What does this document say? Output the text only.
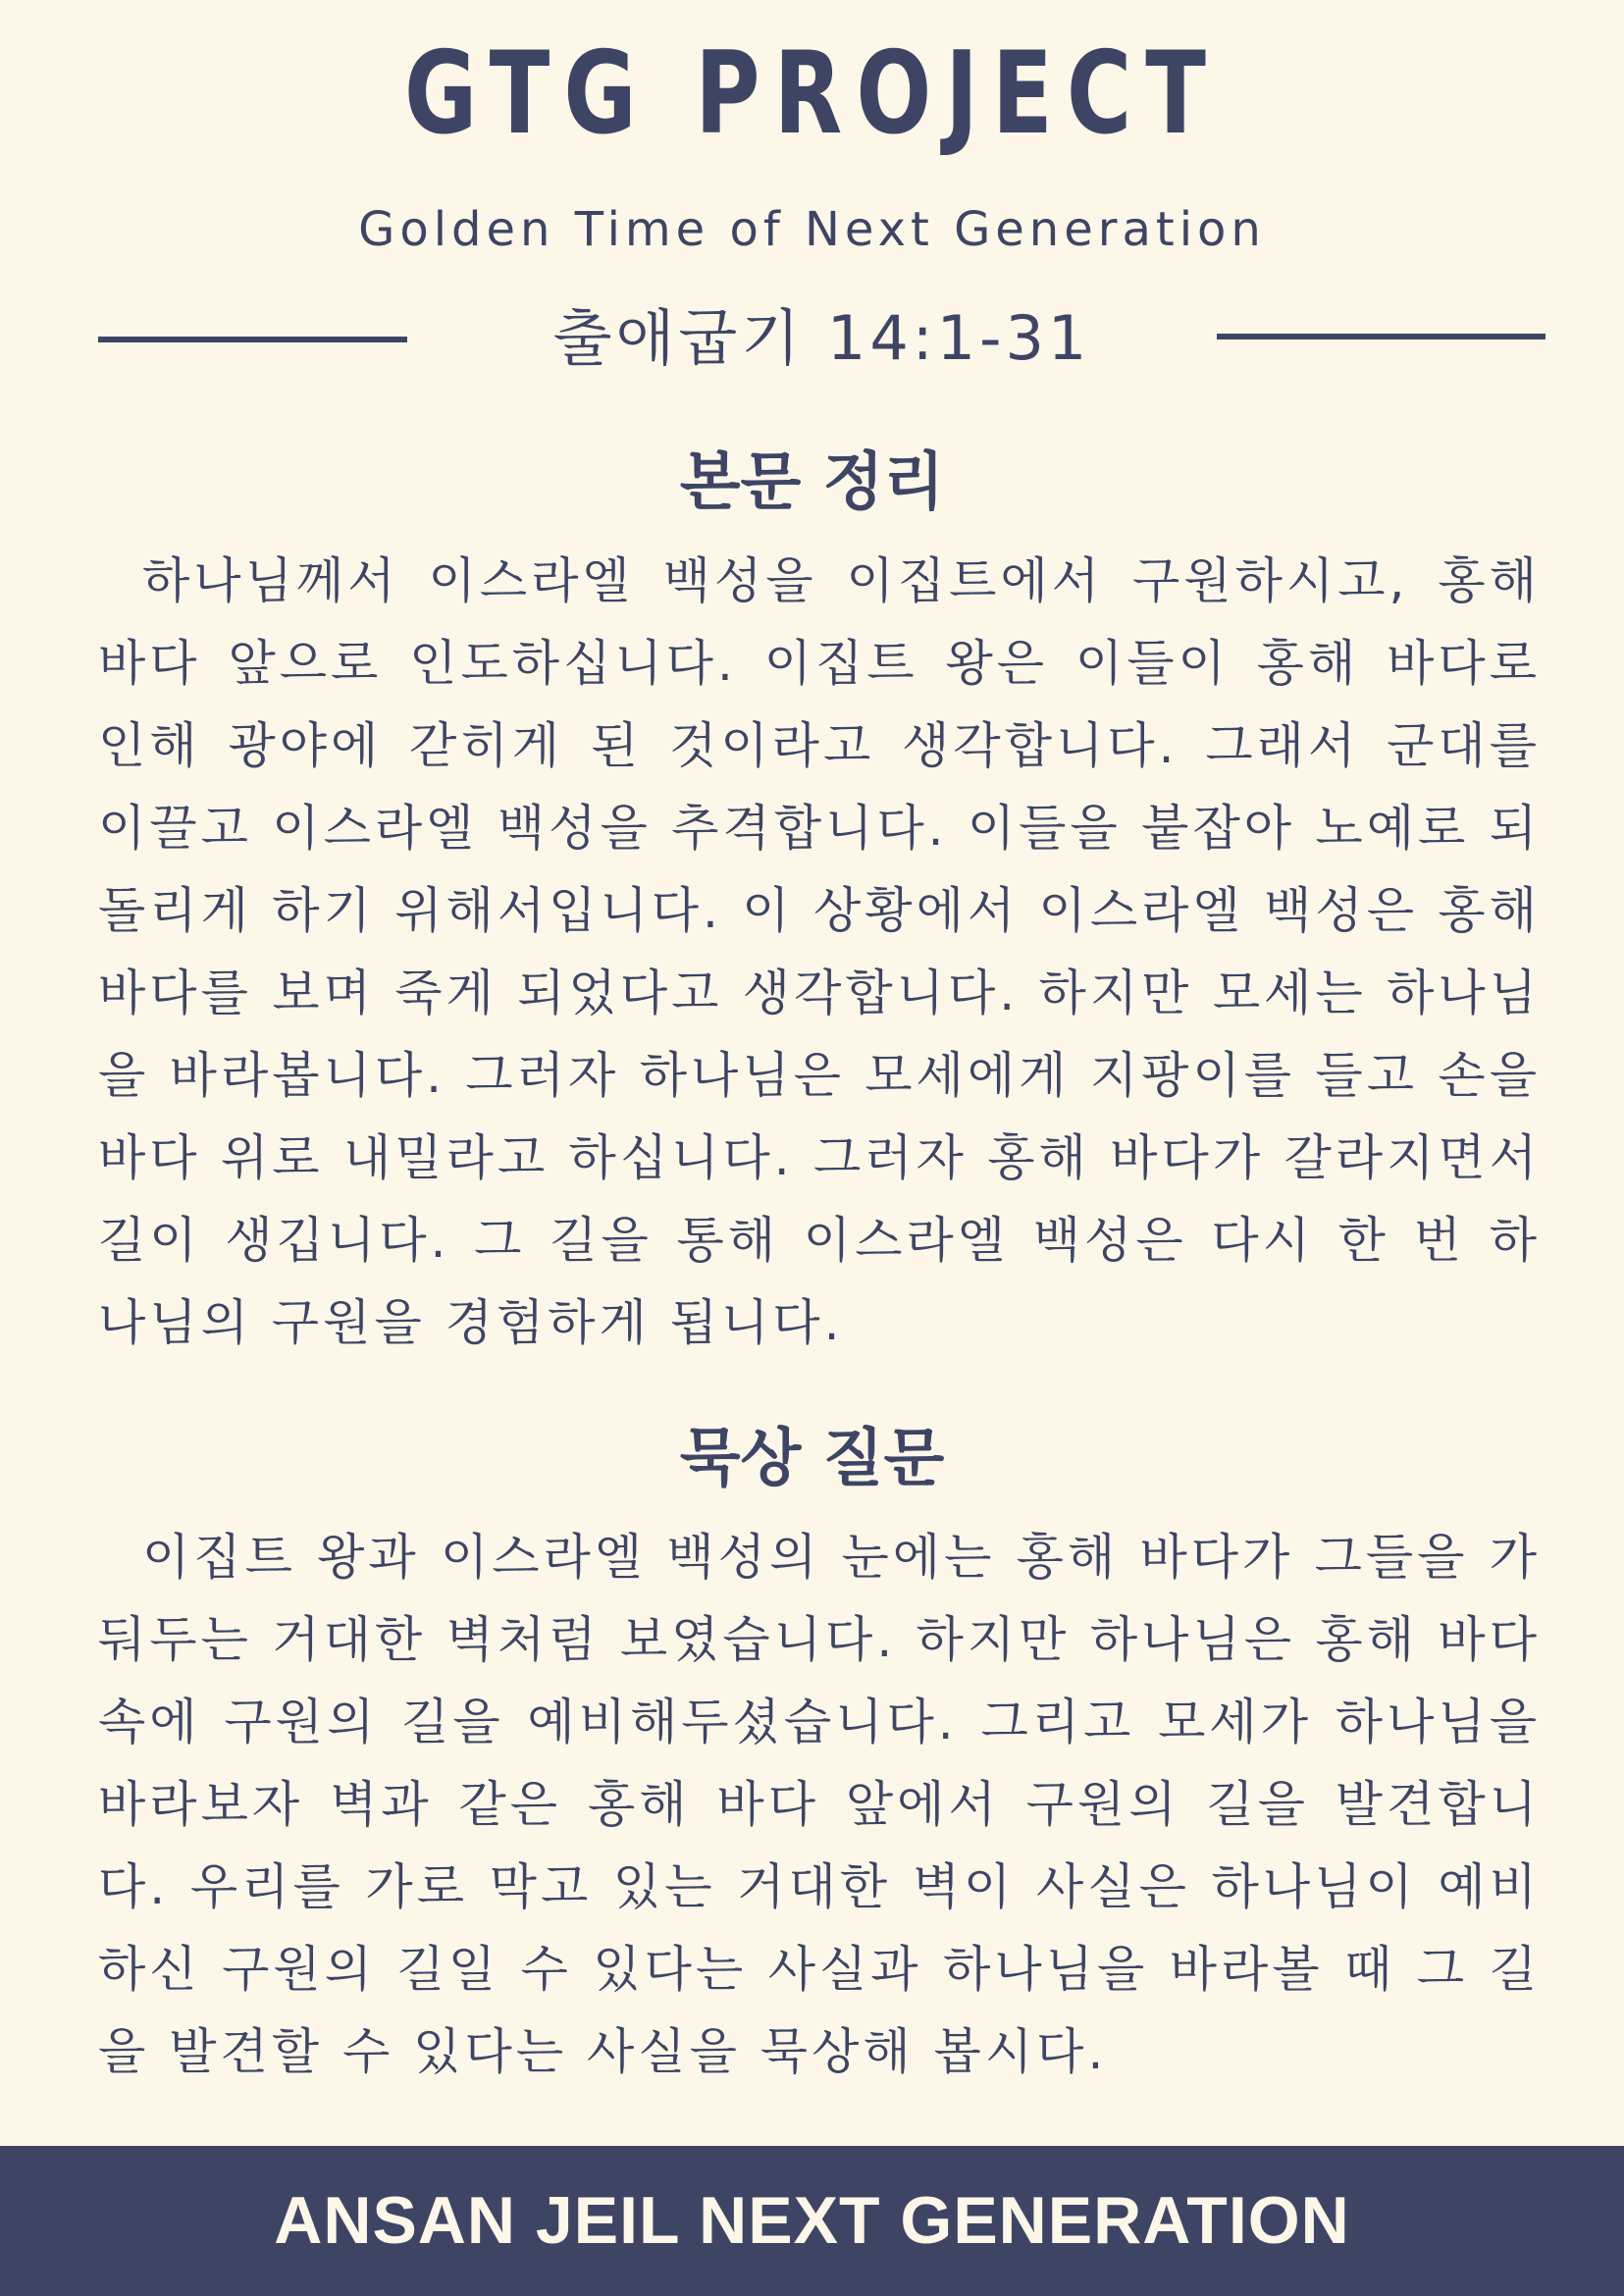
GTG PROJECT
Golden Time of Next Generation
출애굽기 14:1-31
본문 정리
하나님께서 이스라엘 백성을 이집트에서 구원하시고, 홍해 바다 앞으로 인도하십니다. 이집트 왕은 이들이 홍해 바다로 인해 광야에 갇히게 된 것이라고 생각합니다. 그래서 군대를 이끌고 이스라엘 백성을 추격합니다. 이들을 붙잡아 노예로 되돌리게 하기 위해서입니다. 이 상황에서 이스라엘 백성은 홍해 바다를 보며 죽게 되었다고 생각합니다. 하지만 모세는 하나님을 바라봅니다. 그러자 하나님은 모세에게 지팡이를 들고 손을 바다 위로 내밀라고 하십니다. 그러자 홍해 바다가 갈라지면서 길이 생깁니다. 그 길을 통해 이스라엘 백성은 다시 한 번 하나님의 구원을 경험하게 됩니다.
묵상 질문
이집트 왕과 이스라엘 백성의 눈에는 홍해 바다가 그들을 가둬두는 거대한 벽처럼 보였습니다. 하지만 하나님은 홍해 바다 속에 구원의 길을 예비해두셨습니다. 그리고 모세가 하나님을 바라보자 벽과 같은 홍해 바다 앞에서 구원의 길을 발견합니다. 우리를 가로 막고 있는 거대한 벽이 사실은 하나님이 예비하신 구원의 길일 수 있다는 사실과 하나님을 바라볼 때 그 길을 발견할 수 있다는 사실을 묵상해 봅시다.
ANSAN JEIL NEXT GENERATION
